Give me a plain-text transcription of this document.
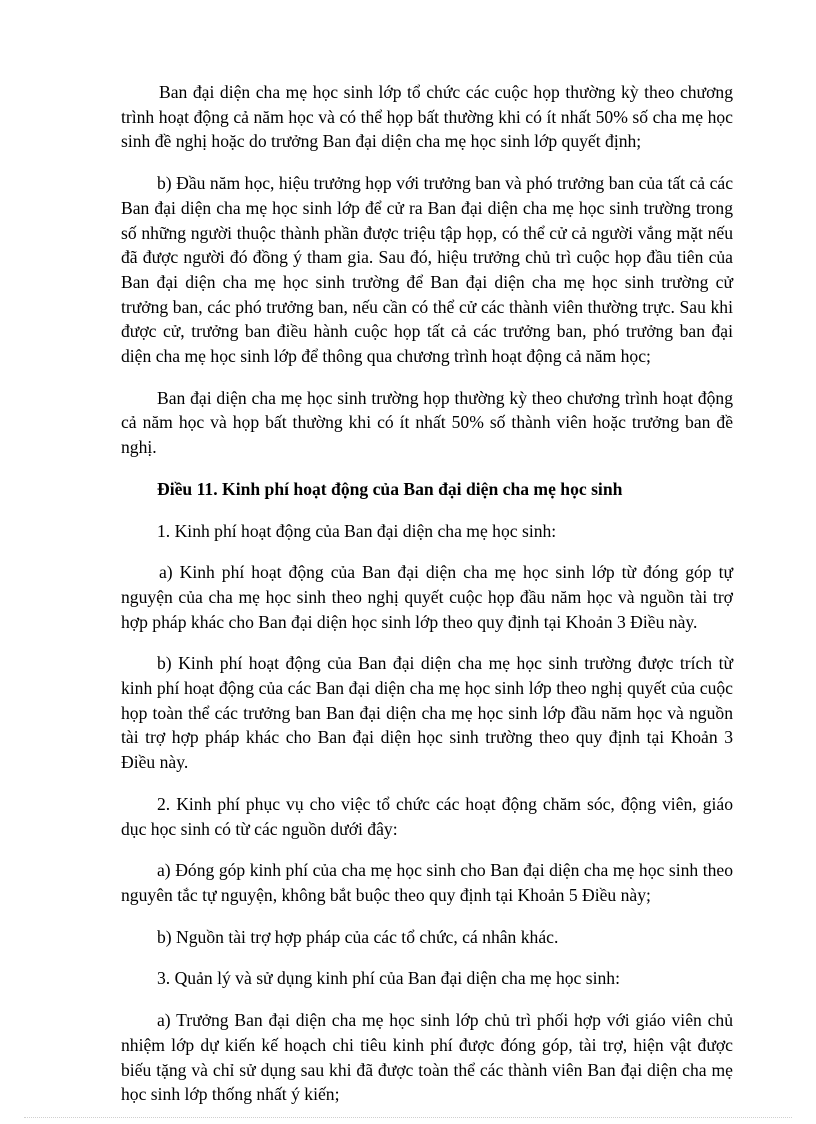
Ban đại diện cha mẹ học sinh lớp tổ chức các cuộc họp thường kỳ theo chương trình hoạt động cả năm học và có thể họp bất thường khi có ít nhất 50% số cha mẹ học sinh đề nghị hoặc do trưởng Ban đại diện cha mẹ học sinh lớp quyết định;

b) Đầu năm học, hiệu trưởng họp với trưởng ban và phó trưởng ban của tất cả các Ban đại diện cha mẹ học sinh lớp để cử ra Ban đại diện cha mẹ học sinh trường trong số những người thuộc thành phần được triệu tập họp, có thể cử cả người vắng mặt nếu đã được người đó đồng ý tham gia. Sau đó, hiệu trưởng chủ trì cuộc họp đầu tiên của Ban đại diện cha mẹ học sinh trường để Ban đại diện cha mẹ học sinh trường cử trưởng ban, các phó trưởng ban, nếu cần có thể cử các thành viên thường trực. Sau khi được cử, trưởng ban điều hành cuộc họp tất cả các trưởng ban, phó trưởng ban đại diện cha mẹ học sinh lớp để thông qua chương trình hoạt động cả năm học;

Ban đại diện cha mẹ học sinh trường họp thường kỳ theo chương trình hoạt động cả năm học và họp bất thường khi có ít nhất 50% số thành viên hoặc trưởng ban đề nghị.

Điều 11. Kinh phí hoạt động của Ban đại diện cha mẹ học sinh

1. Kinh phí hoạt động của Ban đại diện cha mẹ học sinh:

a) Kinh phí hoạt động của Ban đại diện cha mẹ học sinh lớp từ đóng góp tự nguyện của cha mẹ học sinh theo nghị quyết cuộc họp đầu năm học và nguồn tài trợ hợp pháp khác cho Ban đại diện học sinh lớp theo quy định tại Khoản 3 Điều này.

b) Kinh phí hoạt động của Ban đại diện cha mẹ học sinh trường được trích từ kinh phí hoạt động của các Ban đại diện cha mẹ học sinh lớp theo nghị quyết của cuộc họp toàn thể các trưởng ban Ban đại diện cha mẹ học sinh lớp đầu năm học và nguồn tài trợ hợp pháp khác cho Ban đại diện học sinh trường theo quy định tại Khoản 3 Điều này.

2. Kinh phí phục vụ cho việc tổ chức các hoạt động chăm sóc, động viên, giáo dục học sinh có từ các nguồn dưới đây:

a) Đóng góp kinh phí của cha mẹ học sinh cho Ban đại diện cha mẹ học sinh theo nguyên tắc tự nguyện, không bắt buộc theo quy định tại Khoản 5 Điều này;

b) Nguồn tài trợ hợp pháp của các tổ chức, cá nhân khác.

3. Quản lý và sử dụng kinh phí của Ban đại diện cha mẹ học sinh:

a) Trưởng Ban đại diện cha mẹ học sinh lớp chủ trì phối hợp với giáo viên chủ nhiệm lớp dự kiến kế hoạch chi tiêu kinh phí được đóng góp, tài trợ, hiện vật được biếu tặng và chỉ sử dụng sau khi đã được toàn thể các thành viên Ban đại diện cha mẹ học sinh lớp thống nhất ý kiến;
